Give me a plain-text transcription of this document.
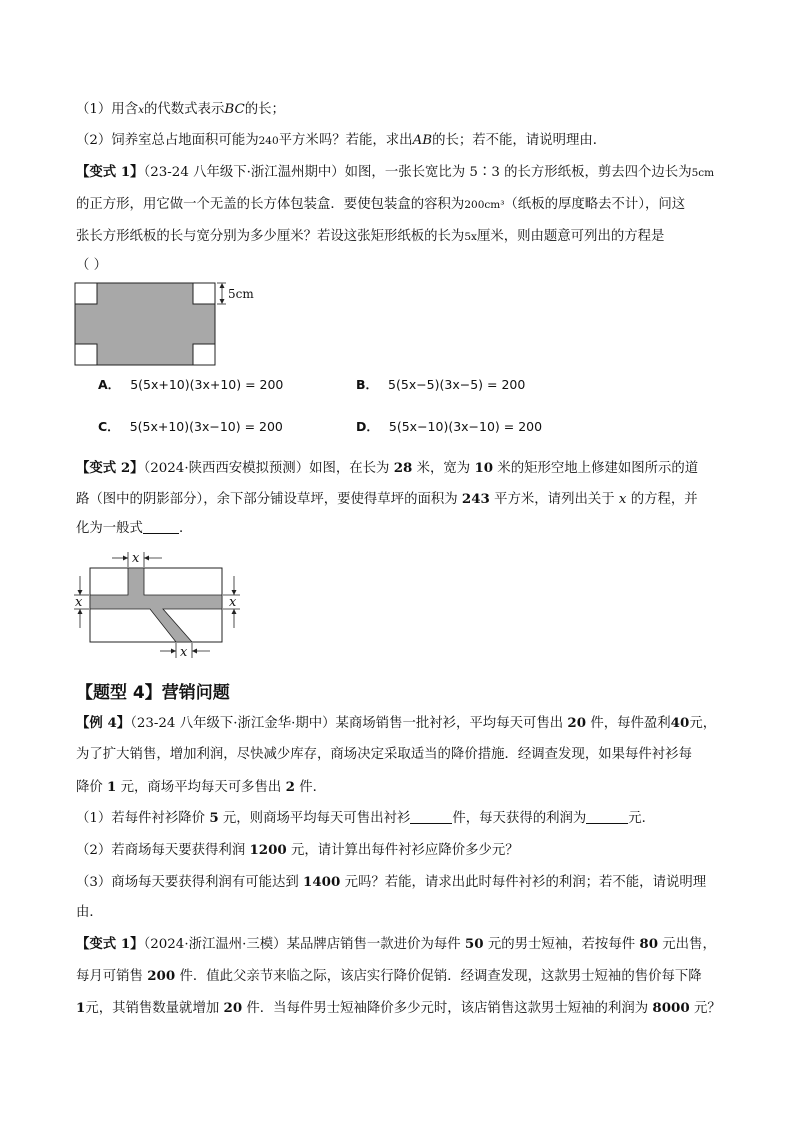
（1）用含x的代数式表示BC的长；
（2）饲养室总占地面积可能为240平方米吗？若能，求出AB的长；若不能，请说明理由．
【变式 1】（23-24 八年级下·浙江温州期中）如图，一张长宽比为 5∶3 的长方形纸板，剪去四个边长为5cm
的正方形，用它做一个无盖的长方体包装盒．要使包装盒的容积为200cm³（纸板的厚度略去不计），问这
张长方形纸板的长与宽分别为多少厘米？若设这张矩形纸板的长为5x厘米，则由题意可列出的方程是
（ ）
5cm
A． 5(5x+10)(3x+10) = 200	B． 5(5x−5)(3x−5) = 200
C． 5(5x+10)(3x−10) = 200	D． 5(5x−10)(3x−10) = 200
【变式 2】（2024·陕西西安模拟预测）如图，在长为 28 米，宽为 10 米的矩形空地上修建如图所示的道
路（图中的阴影部分），余下部分铺设草坪，要使得草坪的面积为 243 平方米，请列出关于 x 的方程，并
化为一般式	．
x
x	x
x
【题型 4】营销问题
【例 4】（23-24 八年级下·浙江金华·期中）某商场销售一批衬衫，平均每天可售出 20 件，每件盈利40元，
为了扩大销售，增加利润，尽快减少库存，商场决定采取适当的降价措施．经调查发现，如果每件衬衫每
降价 1 元，商场平均每天可多售出 2 件．
（1）若每件衬衫降价 5 元，则商场平均每天可售出衬衫	件，每天获得的利润为	元．
（2）若商场每天要获得利润 1200 元，请计算出每件衬衫应降价多少元？
（3）商场每天要获得利润有可能达到 1400 元吗？若能，请求出此时每件衬衫的利润；若不能，请说明理
由．
【变式 1】（2024·浙江温州·三模）某品牌店销售一款进价为每件 50 元的男士短袖，若按每件 80 元出售，
每月可销售 200 件．值此父亲节来临之际，该店实行降价促销．经调查发现，这款男士短袖的售价每下降
1元，其销售数量就增加 20 件．当每件男士短袖降价多少元时，该店销售这款男士短袖的利润为 8000 元？
